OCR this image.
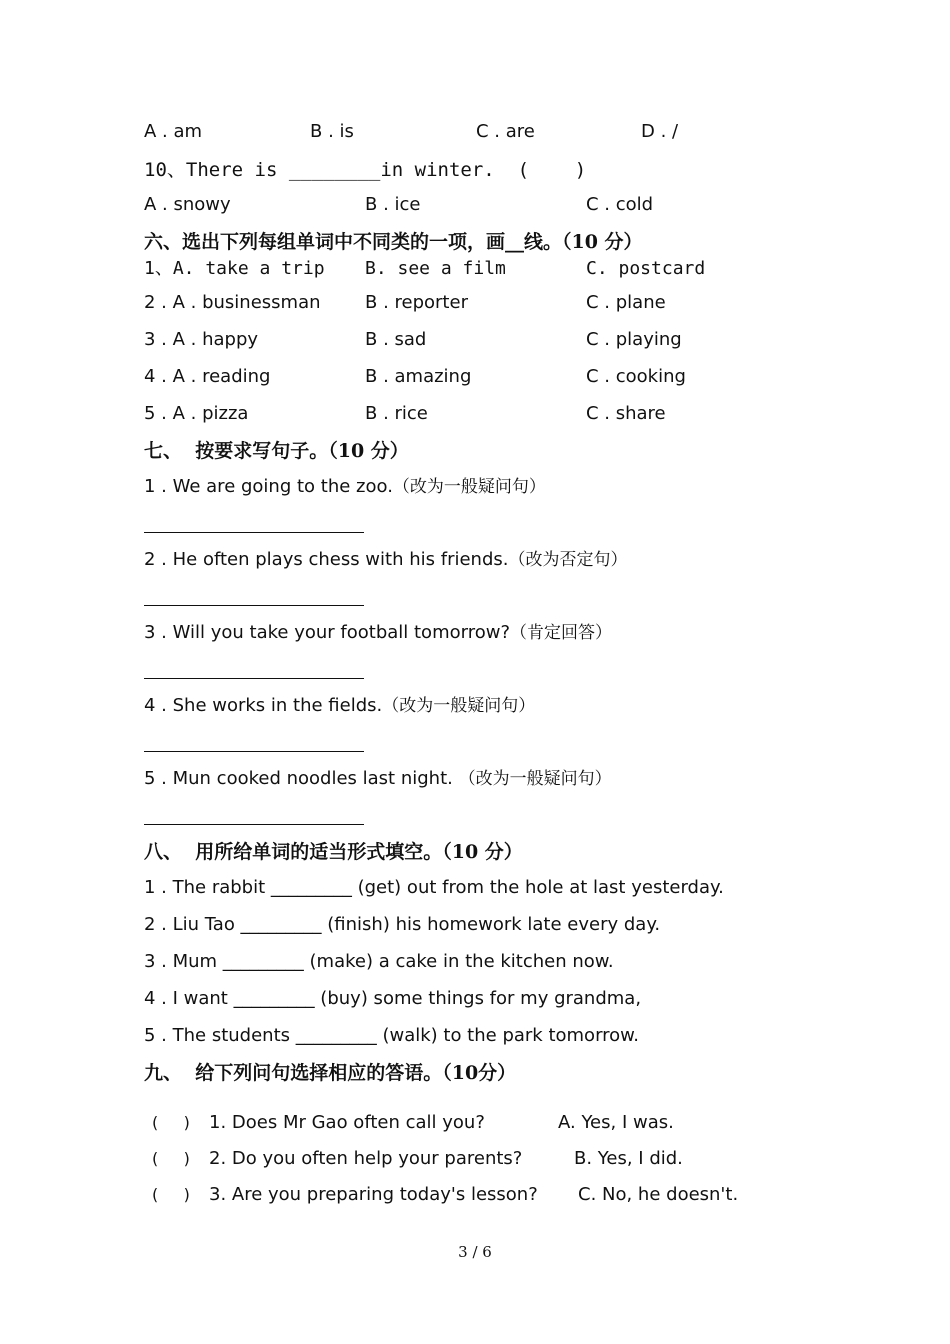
A . am	B . is	C . are	D . /
10、There is ________in winter.  (    )
A . snowy	B . ice	C . cold
六、选出下列每组单词中不同类的一项，画__线。（10 分）
1、A. take a trip B. see a film	C. postcard
2 . A . businessman B . reporter	C . plane
3 . A . happy	B . sad	C . playing
4 . A . reading	B . amazing	C . cooking
5 . A . pizza	B . rice	C . share
七、  按要求写句子。（10 分）
1 . We are going to the zoo.（改为一般疑问句）
2 . He often plays chess with his friends.（改为否定句）
3 . Will you take your football tomorrow?（肯定回答）
4 . She works in the fields.（改为一般疑问句）
5 . Mun cooked noodles last night. （改为一般疑问句）
八、  用所给单词的适当形式填空。（10 分）
1 . The rabbit _________ (get) out from the hole at last yesterday.
2 . Liu Tao _________ (finish) his homework late every day.
3 . Mum _________ (make) a cake in the kitchen now.
4 . I want _________ (buy) some things for my grandma,
5 . The students _________ (walk) to the park tomorrow.
九、  给下列问句选择相应的答语。（10分）
(     ) 1. Does Mr Gao often call you?	A. Yes, I was.
(     ) 2. Do you often help your parents?	B. Yes, I did.
(     ) 3. Are you preparing today's lesson? C. No, he doesn't.
3 / 6
